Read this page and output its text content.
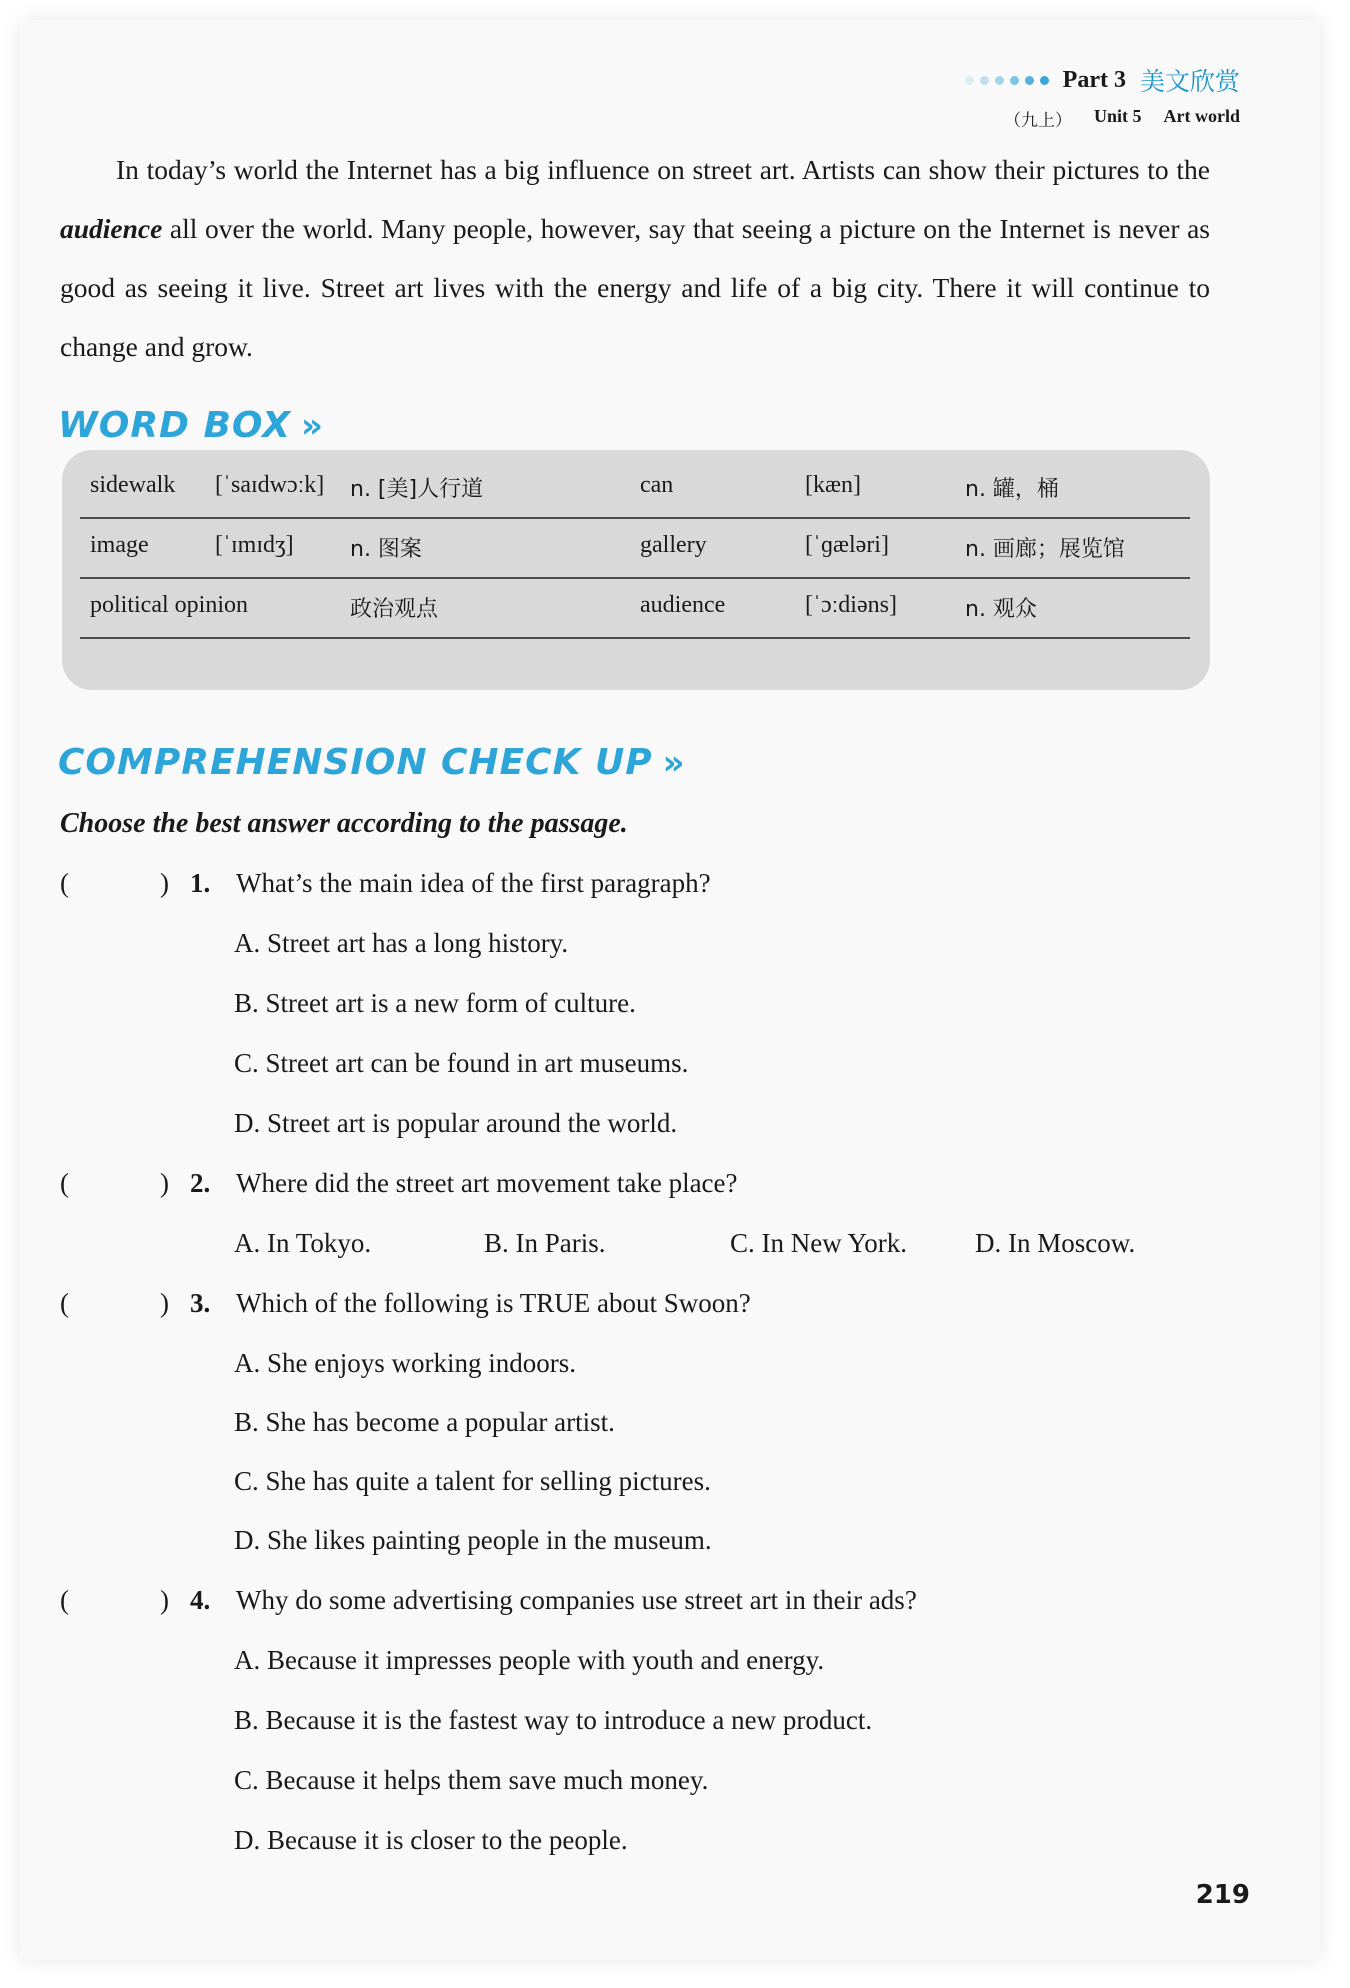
Part 3 美文欣赏
（九上） Unit 5 Art world
In today’s world the Internet has a big influence on street art. Artists can show their pictures to the audience all over the world. Many people, however, say that seeing a picture on the Internet is never as good as seeing it live. Street art lives with the energy and life of a big city. There it will continue to change and grow.
WORD BOX »
sidewalk [ˈsaɪdwɔːk] n. [美]人行道	can	[kæn]	n. 罐，桶
image	[ˈɪmɪdʒ]	n. 图案	gallery	[ˈɡæləri]	n. 画廊；展览馆
political opinion	政治观点	audience	[ˈɔːdiəns]	n. 观众
COMPREHENSION CHECK UP »
Choose the best answer according to the passage.
(	) 1. What’s the main idea of the first paragraph?
A. Street art has a long history.
B. Street art is a new form of culture.
C. Street art can be found in art museums.
D. Street art is popular around the world.
(	) 2. Where did the street art movement take place?
A. In Tokyo.	B. In Paris.	C. In New York.	D. In Moscow.
(	) 3. Which of the following is TRUE about Swoon?
A. She enjoys working indoors.
B. She has become a popular artist.
C. She has quite a talent for selling pictures.
D. She likes painting people in the museum.
(	) 4. Why do some advertising companies use street art in their ads?
A. Because it impresses people with youth and energy.
B. Because it is the fastest way to introduce a new product.
C. Because it helps them save much money.
D. Because it is closer to the people.
219
